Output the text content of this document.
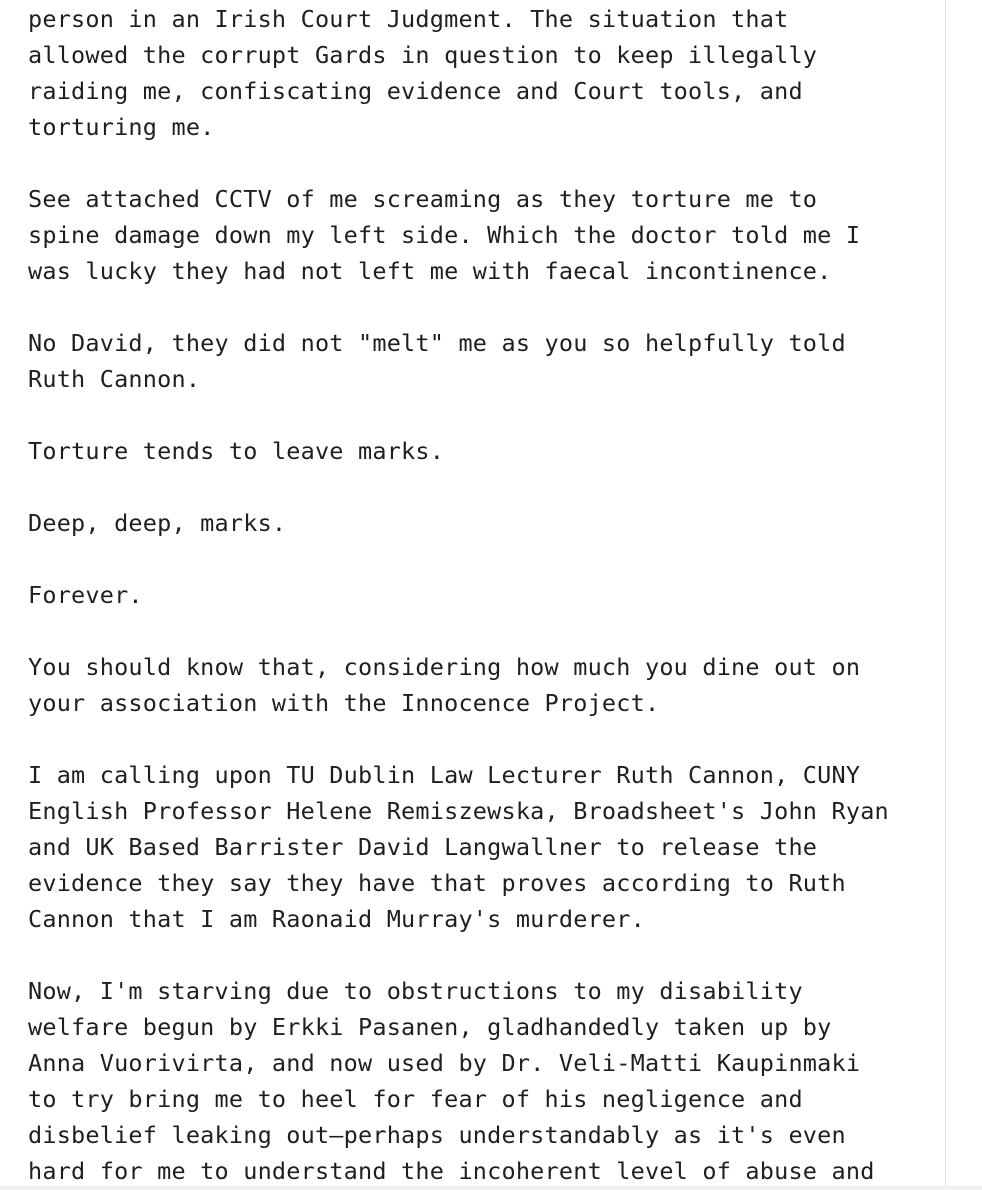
person in an Irish Court Judgment. The situation that
allowed the corrupt Gards in question to keep illegally
raiding me, confiscating evidence and Court tools, and
torturing me.
See attached CCTV of me screaming as they torture me to
spine damage down my left side. Which the doctor told me I
was lucky they had not left me with faecal incontinence.
No David, they did not "melt" me as you so helpfully told
Ruth Cannon.
Torture tends to leave marks.
Deep, deep, marks.
Forever.
You should know that, considering how much you dine out on
your association with the Innocence Project.
I am calling upon TU Dublin Law Lecturer Ruth Cannon, CUNY
English Professor Helene Remiszewska, Broadsheet's John Ryan
and UK Based Barrister David Langwallner to release the
evidence they say they have that proves according to Ruth
Cannon that I am Raonaid Murray's murderer.
Now, I'm starving due to obstructions to my disability
welfare begun by Erkki Pasanen, gladhandedly taken up by
Anna Vuorivirta, and now used by Dr. Veli-Matti Kaupinmaki
to try bring me to heel for fear of his negligence and
disbelief leaking out—perhaps understandably as it's even
hard for me to understand the incoherent level of abuse and
